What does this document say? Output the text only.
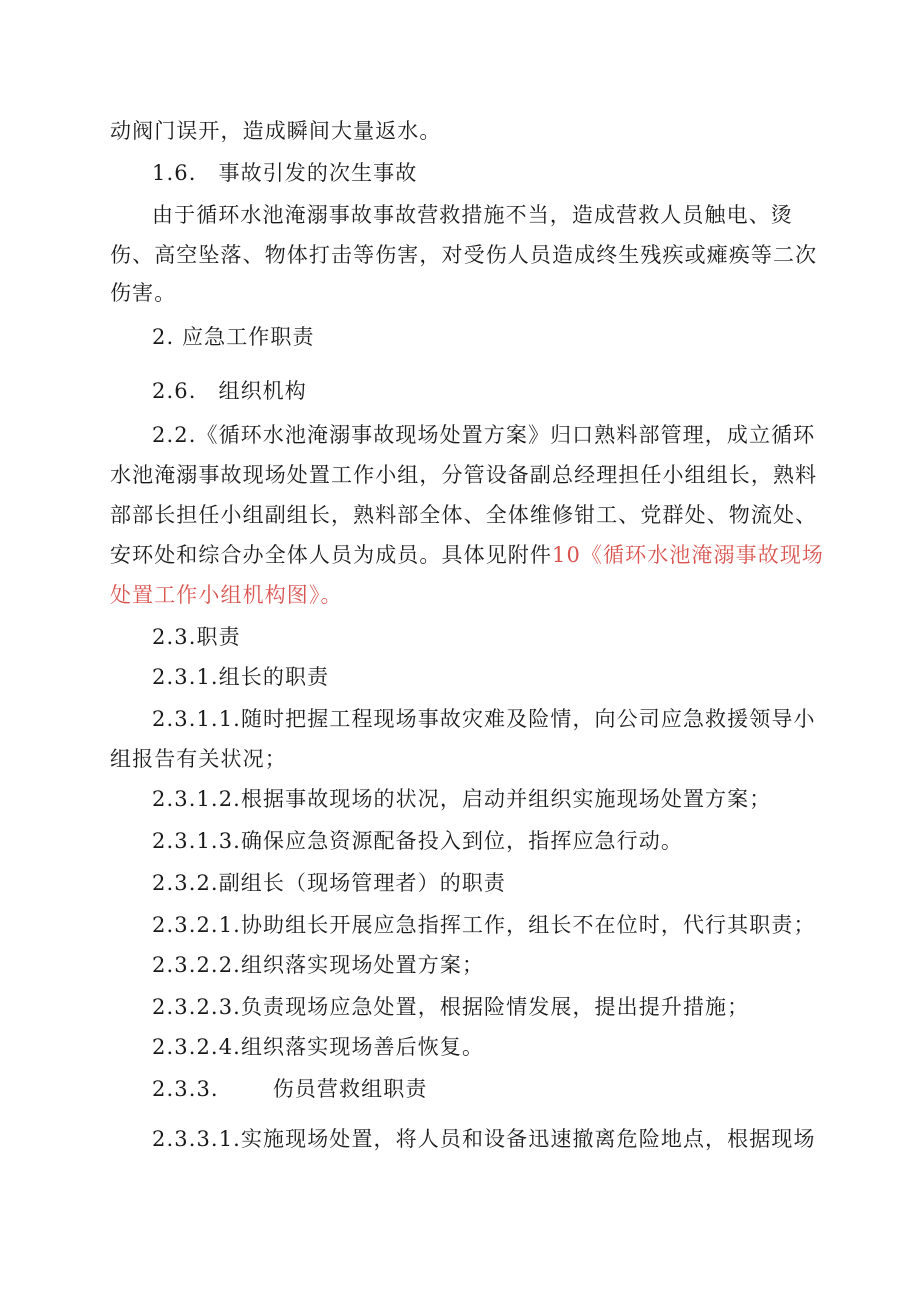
动阀门误开，造成瞬间大量返水。
1.6. 事故引发的次生事故
由于循环水池淹溺事故事故营救措施不当，造成营救人员触电、烫
伤、高空坠落、物体打击等伤害，对受伤人员造成终生残疾或瘫痪等二次
伤害。
2. 应急工作职责
2.6. 组织机构
2.2.《循环水池淹溺事故现场处置方案》归口熟料部管理，成立循环
水池淹溺事故现场处置工作小组，分管设备副总经理担任小组组长，熟料
部部长担任小组副组长，熟料部全体、全体维修钳工、党群处、物流处、
安环处和综合办全体人员为成员。具体见附件10《循环水池淹溺事故现场
处置工作小组机构图》。
2.3.职责
2.3.1.组长的职责
2.3.1.1.随时把握工程现场事故灾难及险情，向公司应急救援领导小
组报告有关状况；
2.3.1.2.根据事故现场的状况，启动并组织实施现场处置方案；
2.3.1.3.确保应急资源配备投入到位，指挥应急行动。
2.3.2.副组长（现场管理者）的职责
2.3.2.1.协助组长开展应急指挥工作，组长不在位时，代行其职责；
2.3.2.2.组织落实现场处置方案；
2.3.2.3.负责现场应急处置，根据险情发展，提出提升措施；
2.3.2.4.组织落实现场善后恢复。
2.3.3.	伤员营救组职责
2.3.3.1.实施现场处置，将人员和设备迅速撤离危险地点，根据现场
